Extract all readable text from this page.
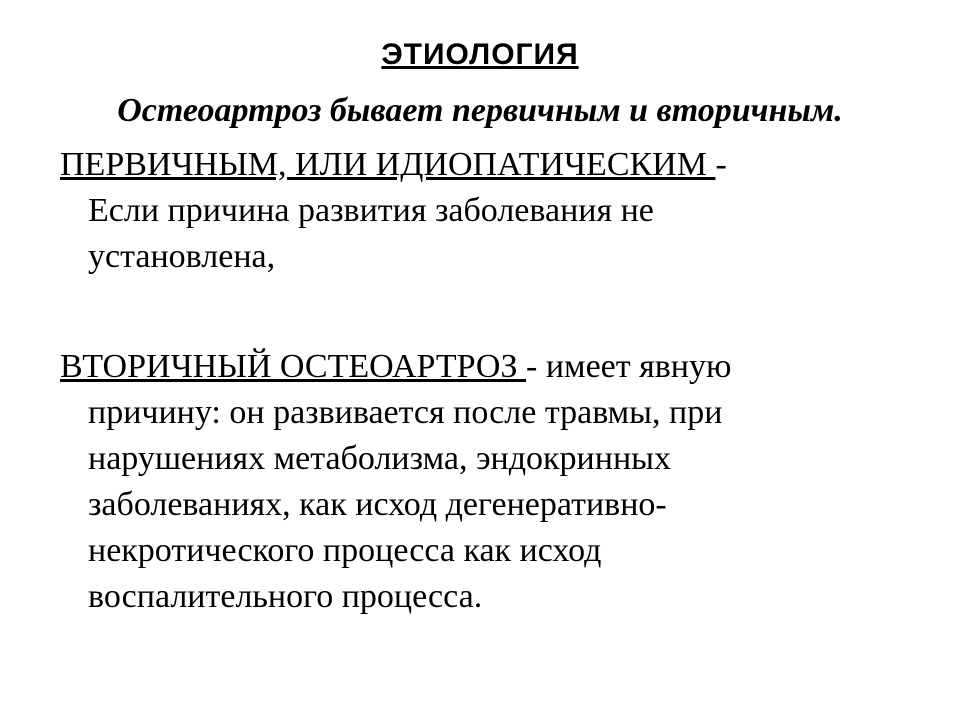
ЭТИОЛОГИЯ
Остеоартроз бывает первичным и вторичным.
ПЕРВИЧНЫМ, ИЛИ ИДИОПАТИЧЕСКИМ -
Если причина развития заболевания не
установлена,
ВТОРИЧНЫЙ ОСТЕОАРТРОЗ - имеет явную
причину: он развивается после травмы, при
нарушениях метаболизма, эндокринных
заболеваниях, как исход дегенеративно-
некротического процесса как исход
воспалительного процесса.
